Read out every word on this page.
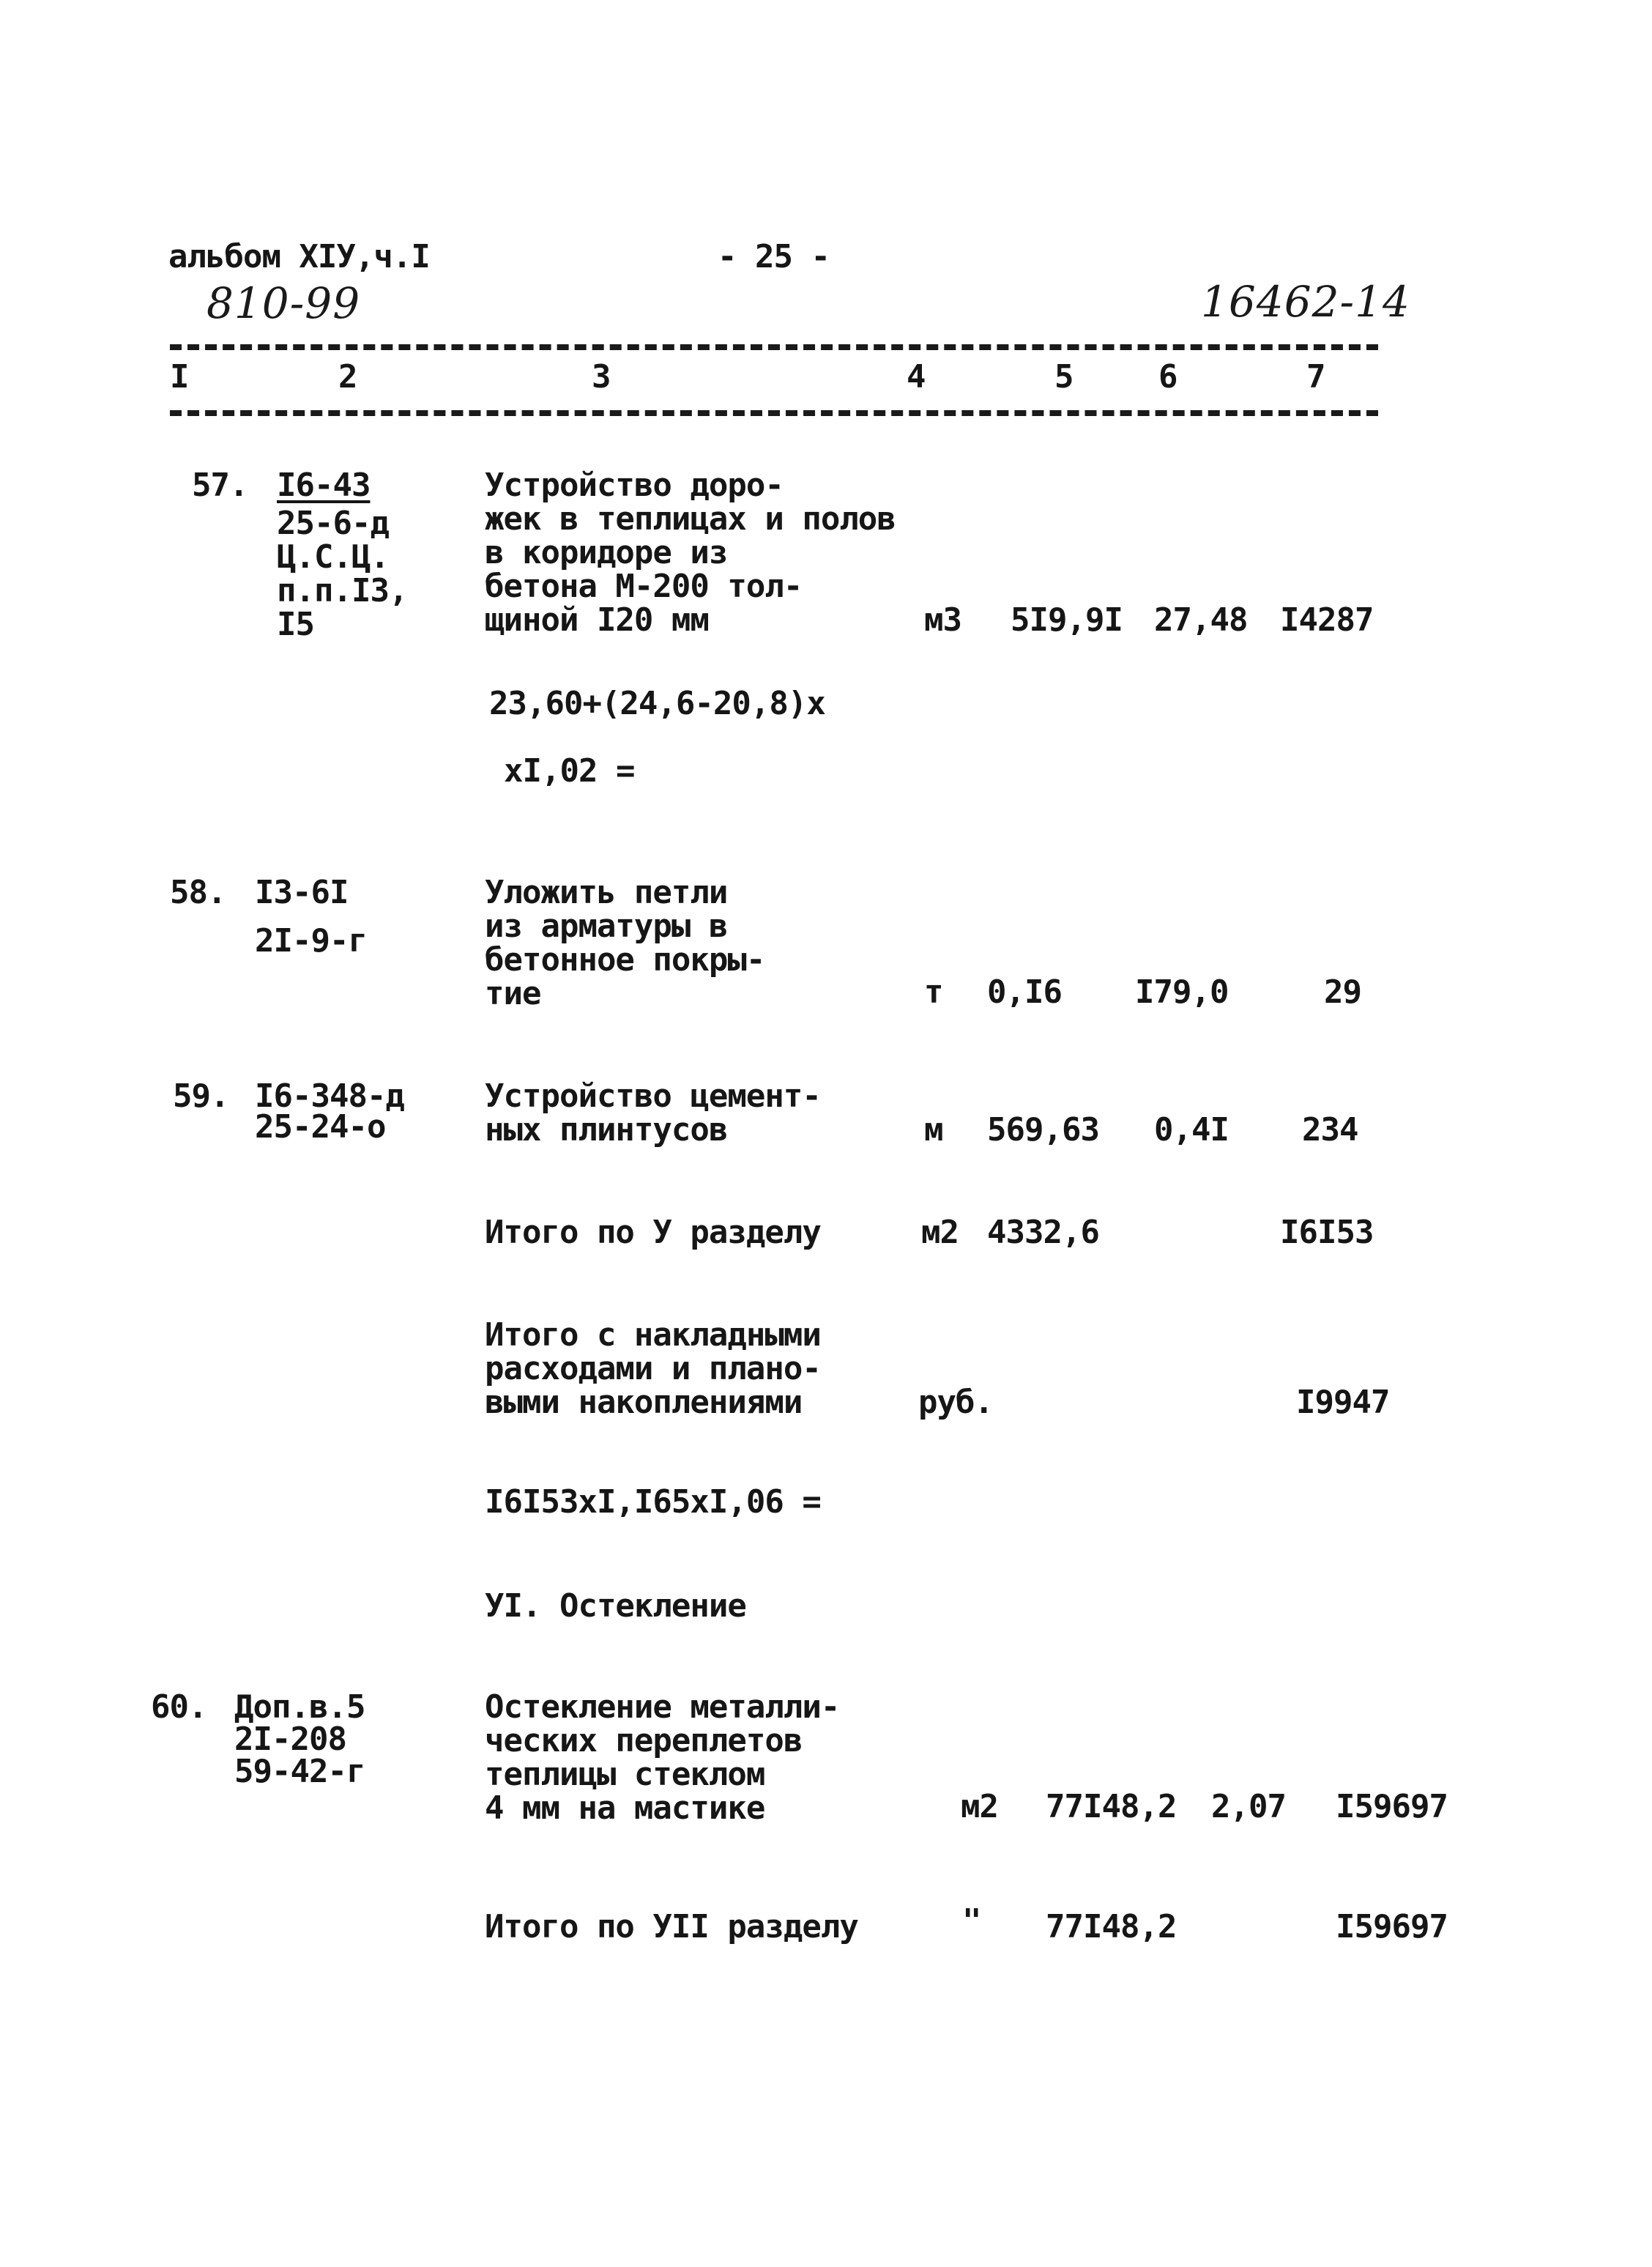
альбом ХIУ,ч.I	- 25 -
810-99	16462-14
I	2	3	4	5	6	7
57. I6-43
25-6-д
Ц.С.Ц.
п.п.I3,
I5
Устройство доро-
жек в теплицах и полов
в коридоре из
бетона М-200 тол-
щиной I20 мм	м3 5I9,9I 27,48 I4287
23,60+(24,6-20,8)х
хI,02 =
58. I3-6I
2I-9-г
Уложить петли
из арматуры в
бетонное покры-
тие	т 0,I6 I79,0	29
59. I6-348-д
25-24-о
Устройство цемент-
ных плинтусов	м 569,63 0,4I 234
Итого по У разделу	м2 4332,6	I6I53
Итого с накладными
расходами и плано-
выми накоплениями	руб.	I9947
I6I53хI,I65хI,06 =
УI. Остекление
60. Доп.в.5
2I-208
59-42-г
Остекление металли-
ческих переплетов
теплицы стеклом
4 мм на мастике	м2 77I48,2 2,07 I59697
Итого по УII разделу	" 77I48,2	I59697
